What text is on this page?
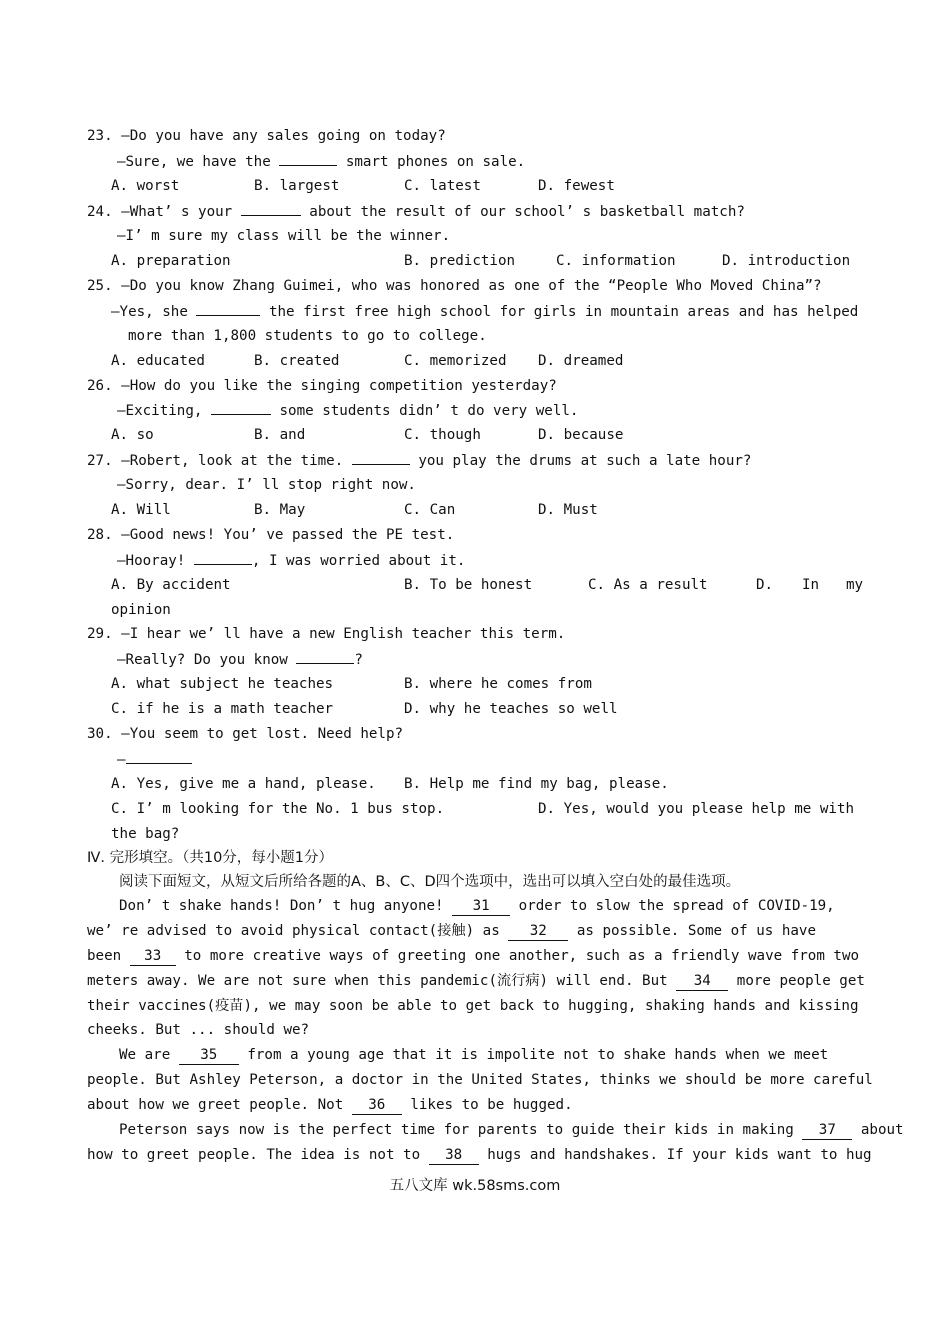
23. —Do you have any sales going on today?
—Sure, we have the	smart phones on sale.
A. worst	B. largest	C. latest	D. fewest
24. —What’ s your	about the result of our school’ s basketball match?
—I’ m sure my class will be the winner.
A. preparation	B. prediction	C. information	D. introduction
25. —Do you know Zhang Guimei, who was honored as one of the “People Who Moved China”?
—Yes, she	the first free high school for girls in mountain areas and has helped
more than 1,800 students to go to college.
A. educated	B. created	C. memorized D. dreamed
26. —How do you like the singing competition yesterday?
—Exciting,	some students didn’ t do very well.
A. so	B. and	C. though	D. because
27. —Robert, look at the time.	you play the drums at such a late hour?
—Sorry, dear. I’ ll stop right now.
A. Will	B. May	C. Can	D. Must
28. —Good news! You’ ve passed the PE test.
—Hooray!	, I was worried about it.
A. By accident	B. To be honest	C. As a result	D. In my
opinion
29. —I hear we’ ll have a new English teacher this term.
—Really? Do you know	?
A. what subject he teaches	B. where he comes from
C. if he is a math teacher	D. why he teaches so well
30. —You seem to get lost. Need help?
—
A. Yes, give me a hand, please. B. Help me find my bag, please.
C. I’ m looking for the No. 1 bus stop.	D. Yes, would you please help me with
the bag?
Ⅳ. 完形填空。（共10分，每小题1分）
阅读下面短文，从短文后所给各题的A、B、C、D四个选项中，选出可以填入空白处的最佳选项。
Don’ t shake hands! Don’ t hug anyone! 31 order to slow the spread of COVID-19,
we’ re advised to avoid physical contact(接触) as 32 as possible. Some of us have
been 33 to more creative ways of greeting one another, such as a friendly wave from two
meters away. We are not sure when this pandemic(流行病) will end. But 34 more people get
their vaccines(疫苗), we may soon be able to get back to hugging, shaking hands and kissing
cheeks. But ... should we?
We are 35 from a young age that it is impolite not to shake hands when we meet
people. But Ashley Peterson, a doctor in the United States, thinks we should be more careful
about how we greet people. Not 36 likes to be hugged.
Peterson says now is the perfect time for parents to guide their kids in making 37 about
how to greet people. The idea is not to 38 hugs and handshakes. If your kids want to hug
五八文库 wk.58sms.com
